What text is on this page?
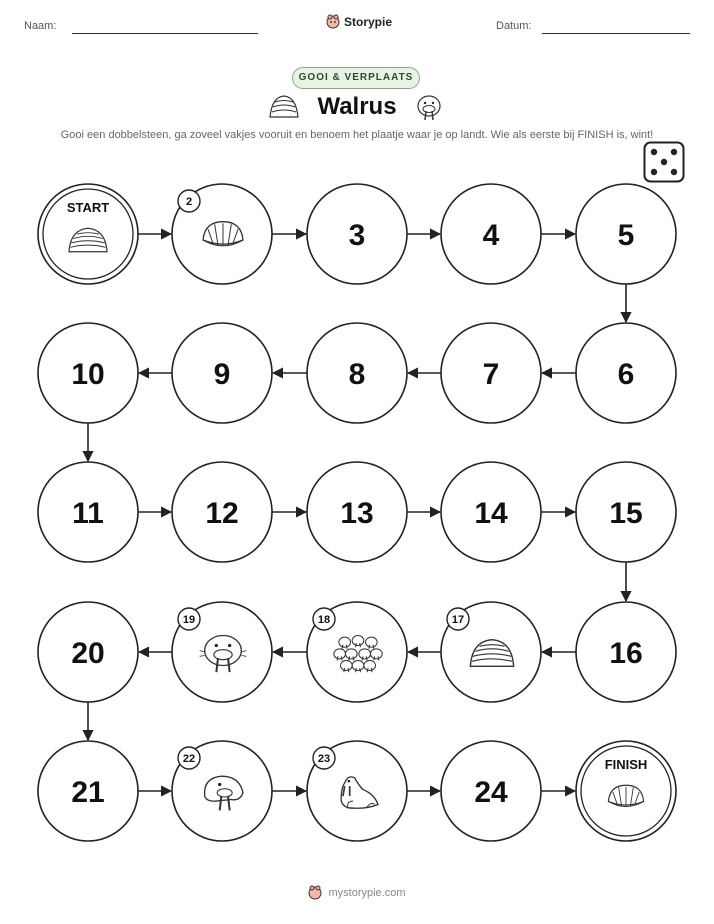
Naam:	Datum:
Storypie
GOOI & VERPLAATS
Walrus
Gooi een dobbelsteen, ga zoveel vakjes vooruit en benoem het plaatje waar je op landt. Wie als eerste bij FINISH is, wint!
START	2
3	4	5
6
7
8
9
10
11	12	13	14	15
16
17
18
19
20
21
22	23
24
FINISH
mystorypie.com
